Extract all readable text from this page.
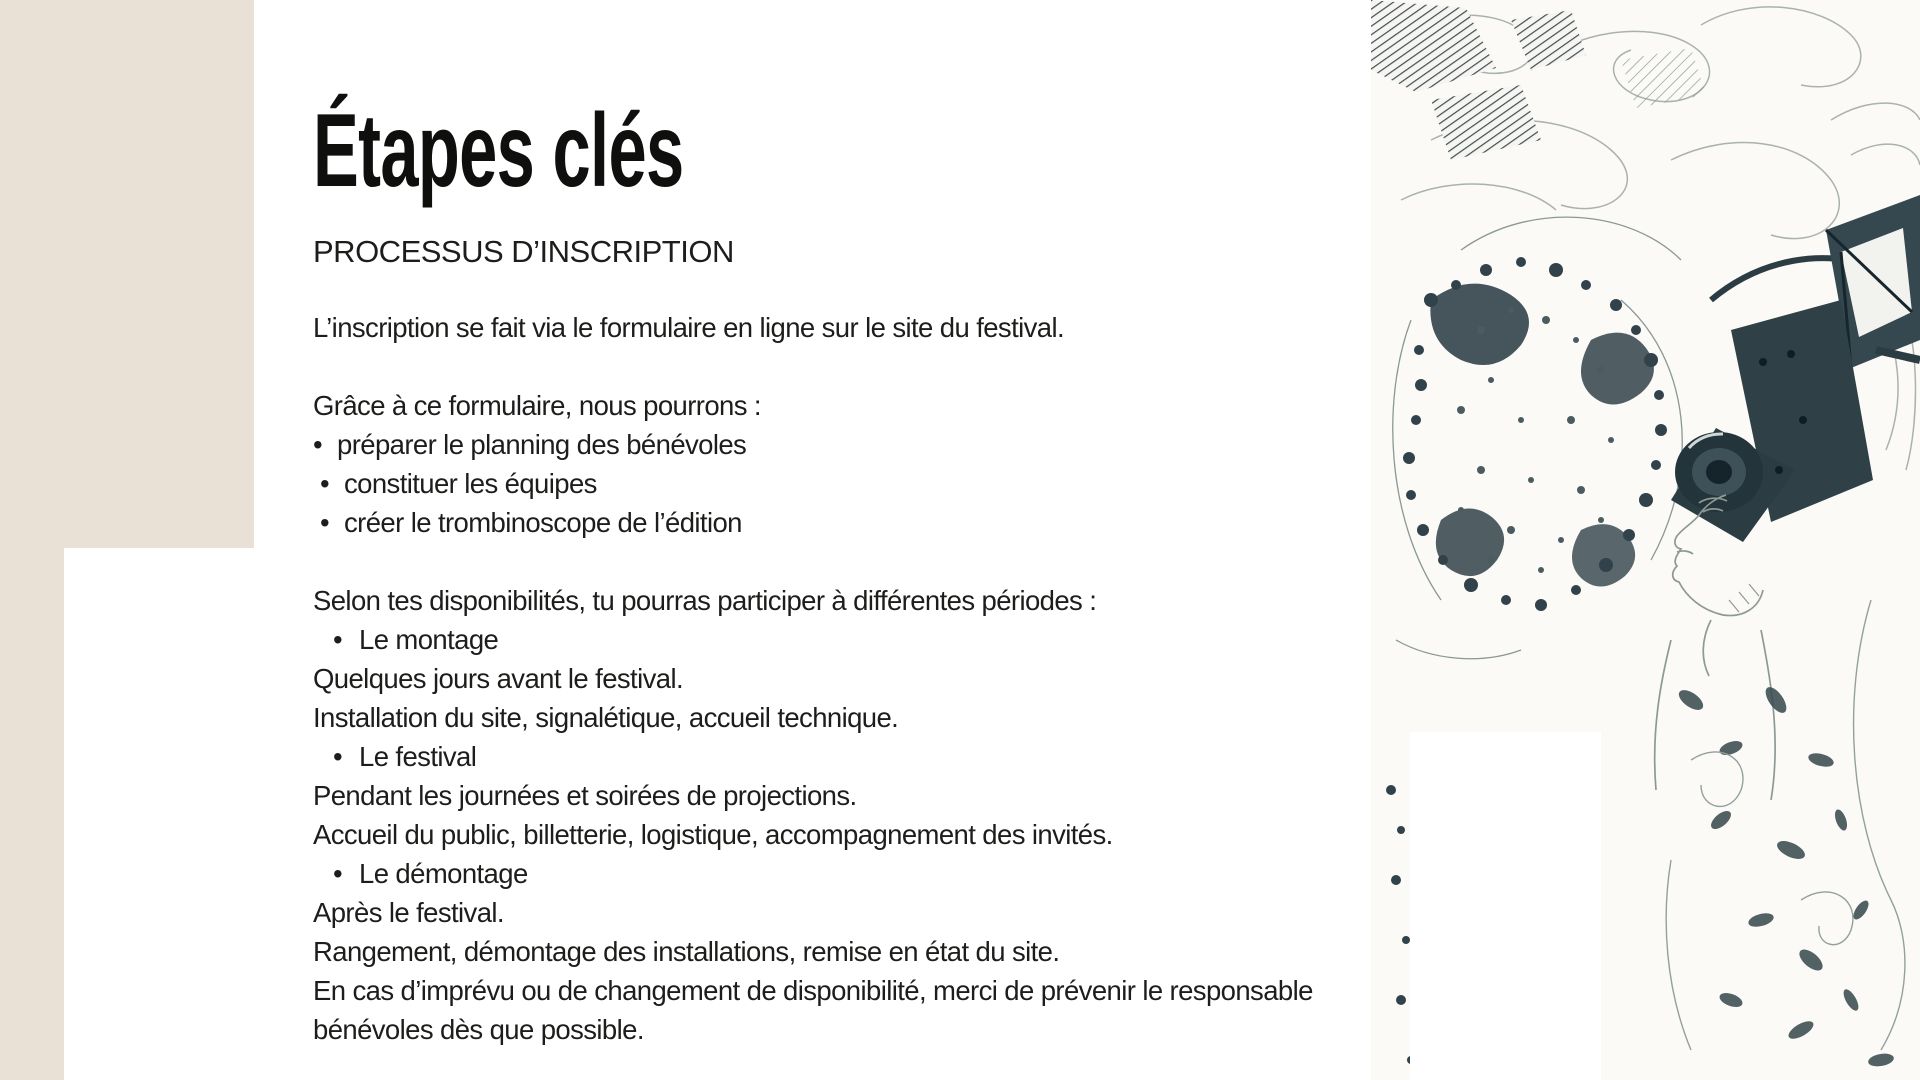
Étapes clés
PROCESSUS D’INSCRIPTION
L’inscription se fait via le formulaire en ligne sur le site du festival.
Grâce à ce formulaire, nous pourrons :
• préparer le planning des bénévoles
• constituer les équipes
• créer le trombinoscope de l’édition
Selon tes disponibilités, tu pourras participer à différentes périodes :
• Le montage
Quelques jours avant le festival.
Installation du site, signalétique, accueil technique.
• Le festival
Pendant les journées et soirées de projections.
Accueil du public, billetterie, logistique, accompagnement des invités.
• Le démontage
Après le festival.
Rangement, démontage des installations, remise en état du site.
En cas d’imprévu ou de changement de disponibilité, merci de prévenir le responsable
bénévoles dès que possible.
